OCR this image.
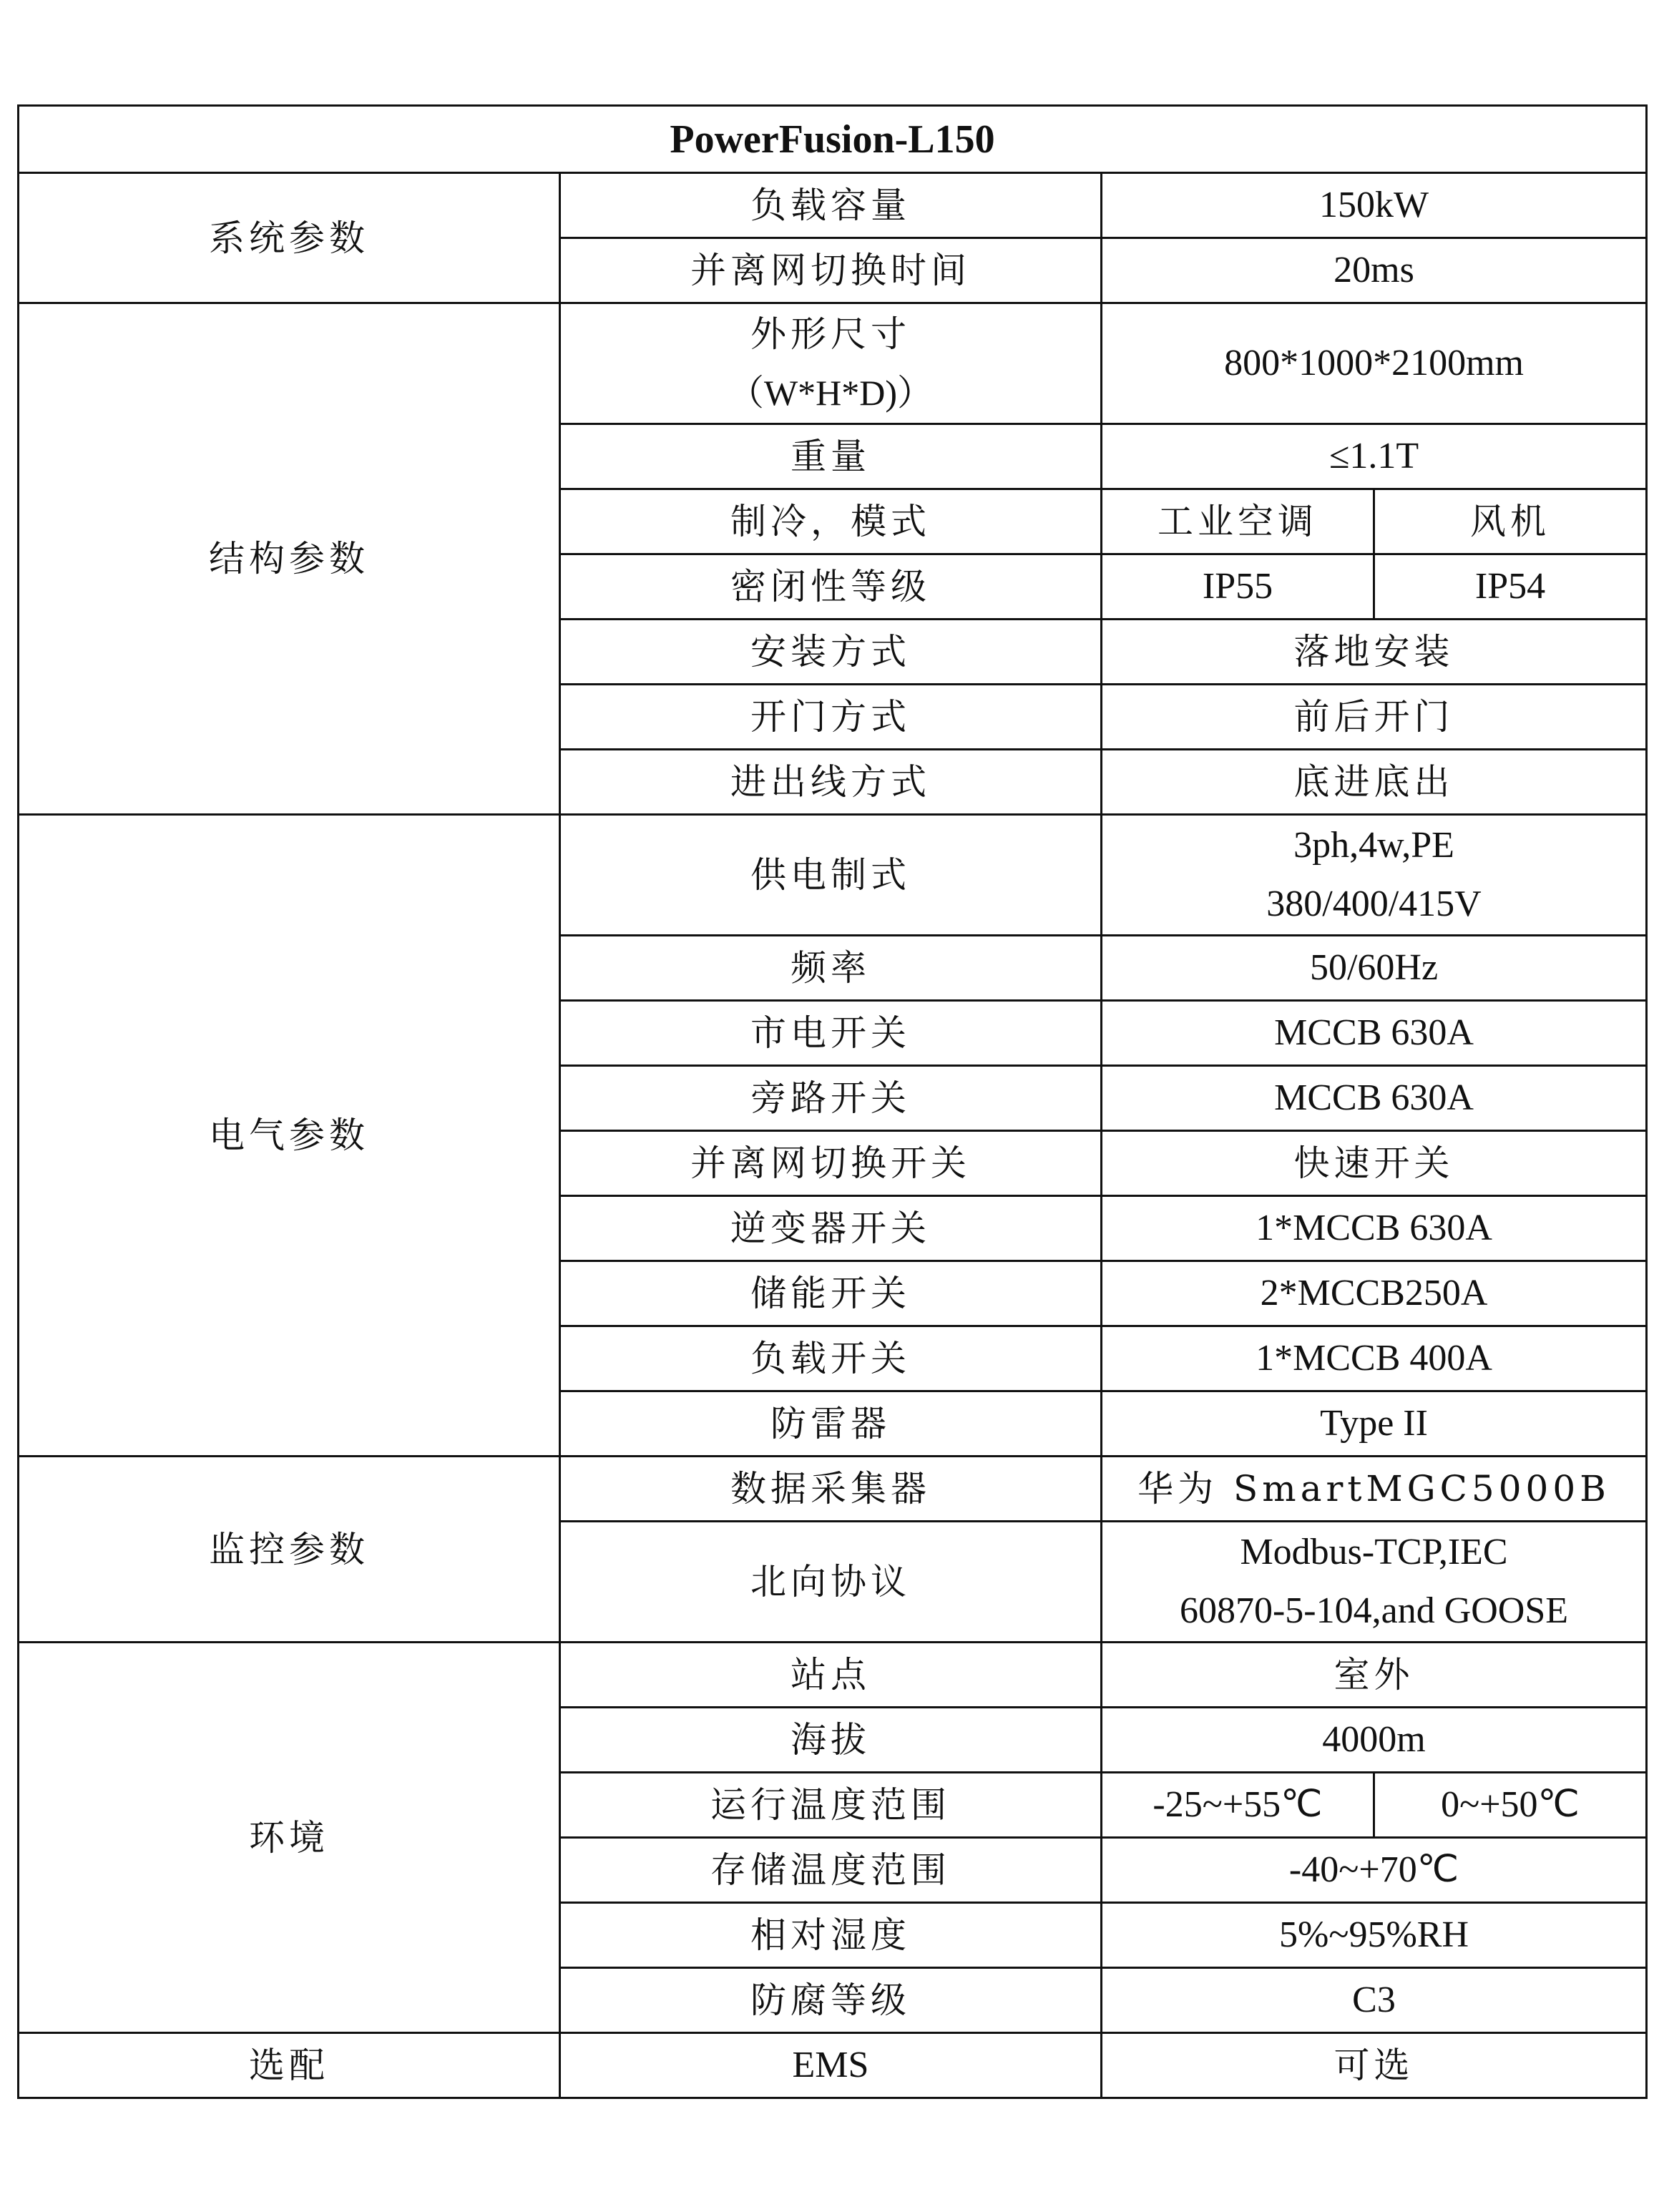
PowerFusion-L150			
系统参数	负载容量	150kW	
	并离网切换时间	20ms	
结构参数	外形尺寸
（W*H*D)）	800*1000*2100mm	
	重量	≤1.1T	
	制冷，模式	工业空调	风机
	密闭性等级	IP55	IP54
	安装方式	落地安装	
	开门方式	前后开门	
	进出线方式	底进底出	
电气参数	供电制式	3ph,4w,PE
380/400/415V	

	频率	50/60Hz	
	市电开关	MCCB 630A	
	旁路开关	MCCB 630A	
	并离网切换开关	快速开关	
	逆变器开关	1*MCCB 630A	
	储能开关	2*MCCB250A	
	负载开关	1*MCCB 400A	
	防雷器	Type II	
监控参数	数据采集器	华为 SmartMGC5000B	
	北向协议	Modbus-TCP,IEC
60870-5-104,and GOOSE	

环境	站点	室外	
	海拔	4000m	
	运行温度范围	-25~+55℃	0~+50℃
	存储温度范围	-40~+70℃	
	相对湿度	5%~95%RH	
	防腐等级	C3	
选配	EMS	可选	
